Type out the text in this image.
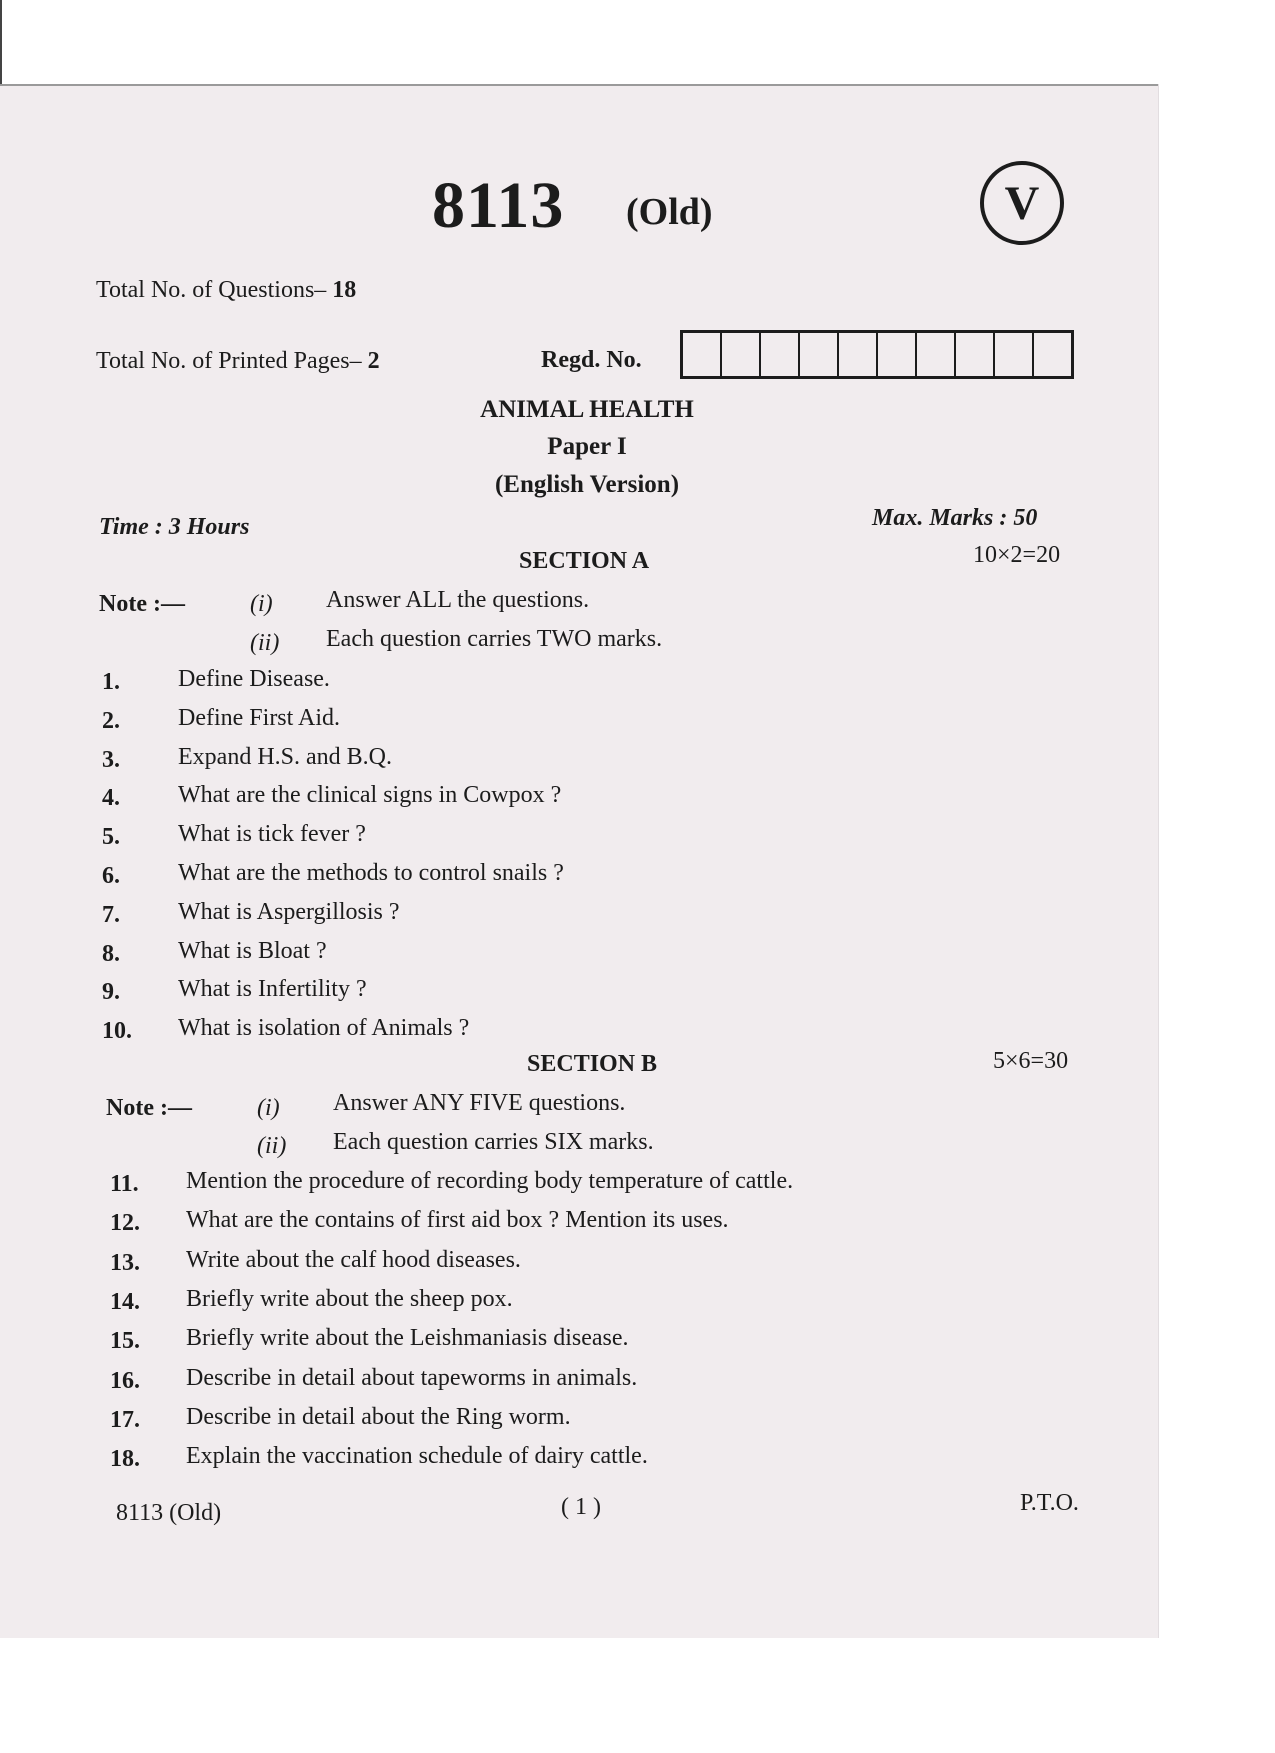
8113 (Old)	V
Total No. of Questions– 18
Total No. of Printed Pages– 2	Regd. No.
ANIMAL HEALTH
Paper I
(English Version)
Time : 3 Hours	Max. Marks : 50
SECTION A	10×2=20
Note :—	(i) Answer ALL the questions.
(ii) Each question carries TWO marks.
1. Define Disease.
2. Define First Aid.
3. Expand H.S. and B.Q.
4. What are the clinical signs in Cowpox ?
5. What is tick fever ?
6. What are the methods to control snails ?
7. What is Aspergillosis ?
8. What is Bloat ?
9. What is Infertility ?
10. What is isolation of Animals ?
SECTION B	5×6=30
Note :—	(i) Answer ANY FIVE questions.
(ii) Each question carries SIX marks.
11. Mention the procedure of recording body temperature of cattle.
12. What are the contains of first aid box ? Mention its uses.
13. Write about the calf hood diseases.
14. Briefly write about the sheep pox.
15. Briefly write about the Leishmaniasis disease.
16. Describe in detail about tapeworms in animals.
17. Describe in detail about the Ring worm.
18. Explain the vaccination schedule of dairy cattle.
8113 (Old)	( 1 )	P.T.O.
